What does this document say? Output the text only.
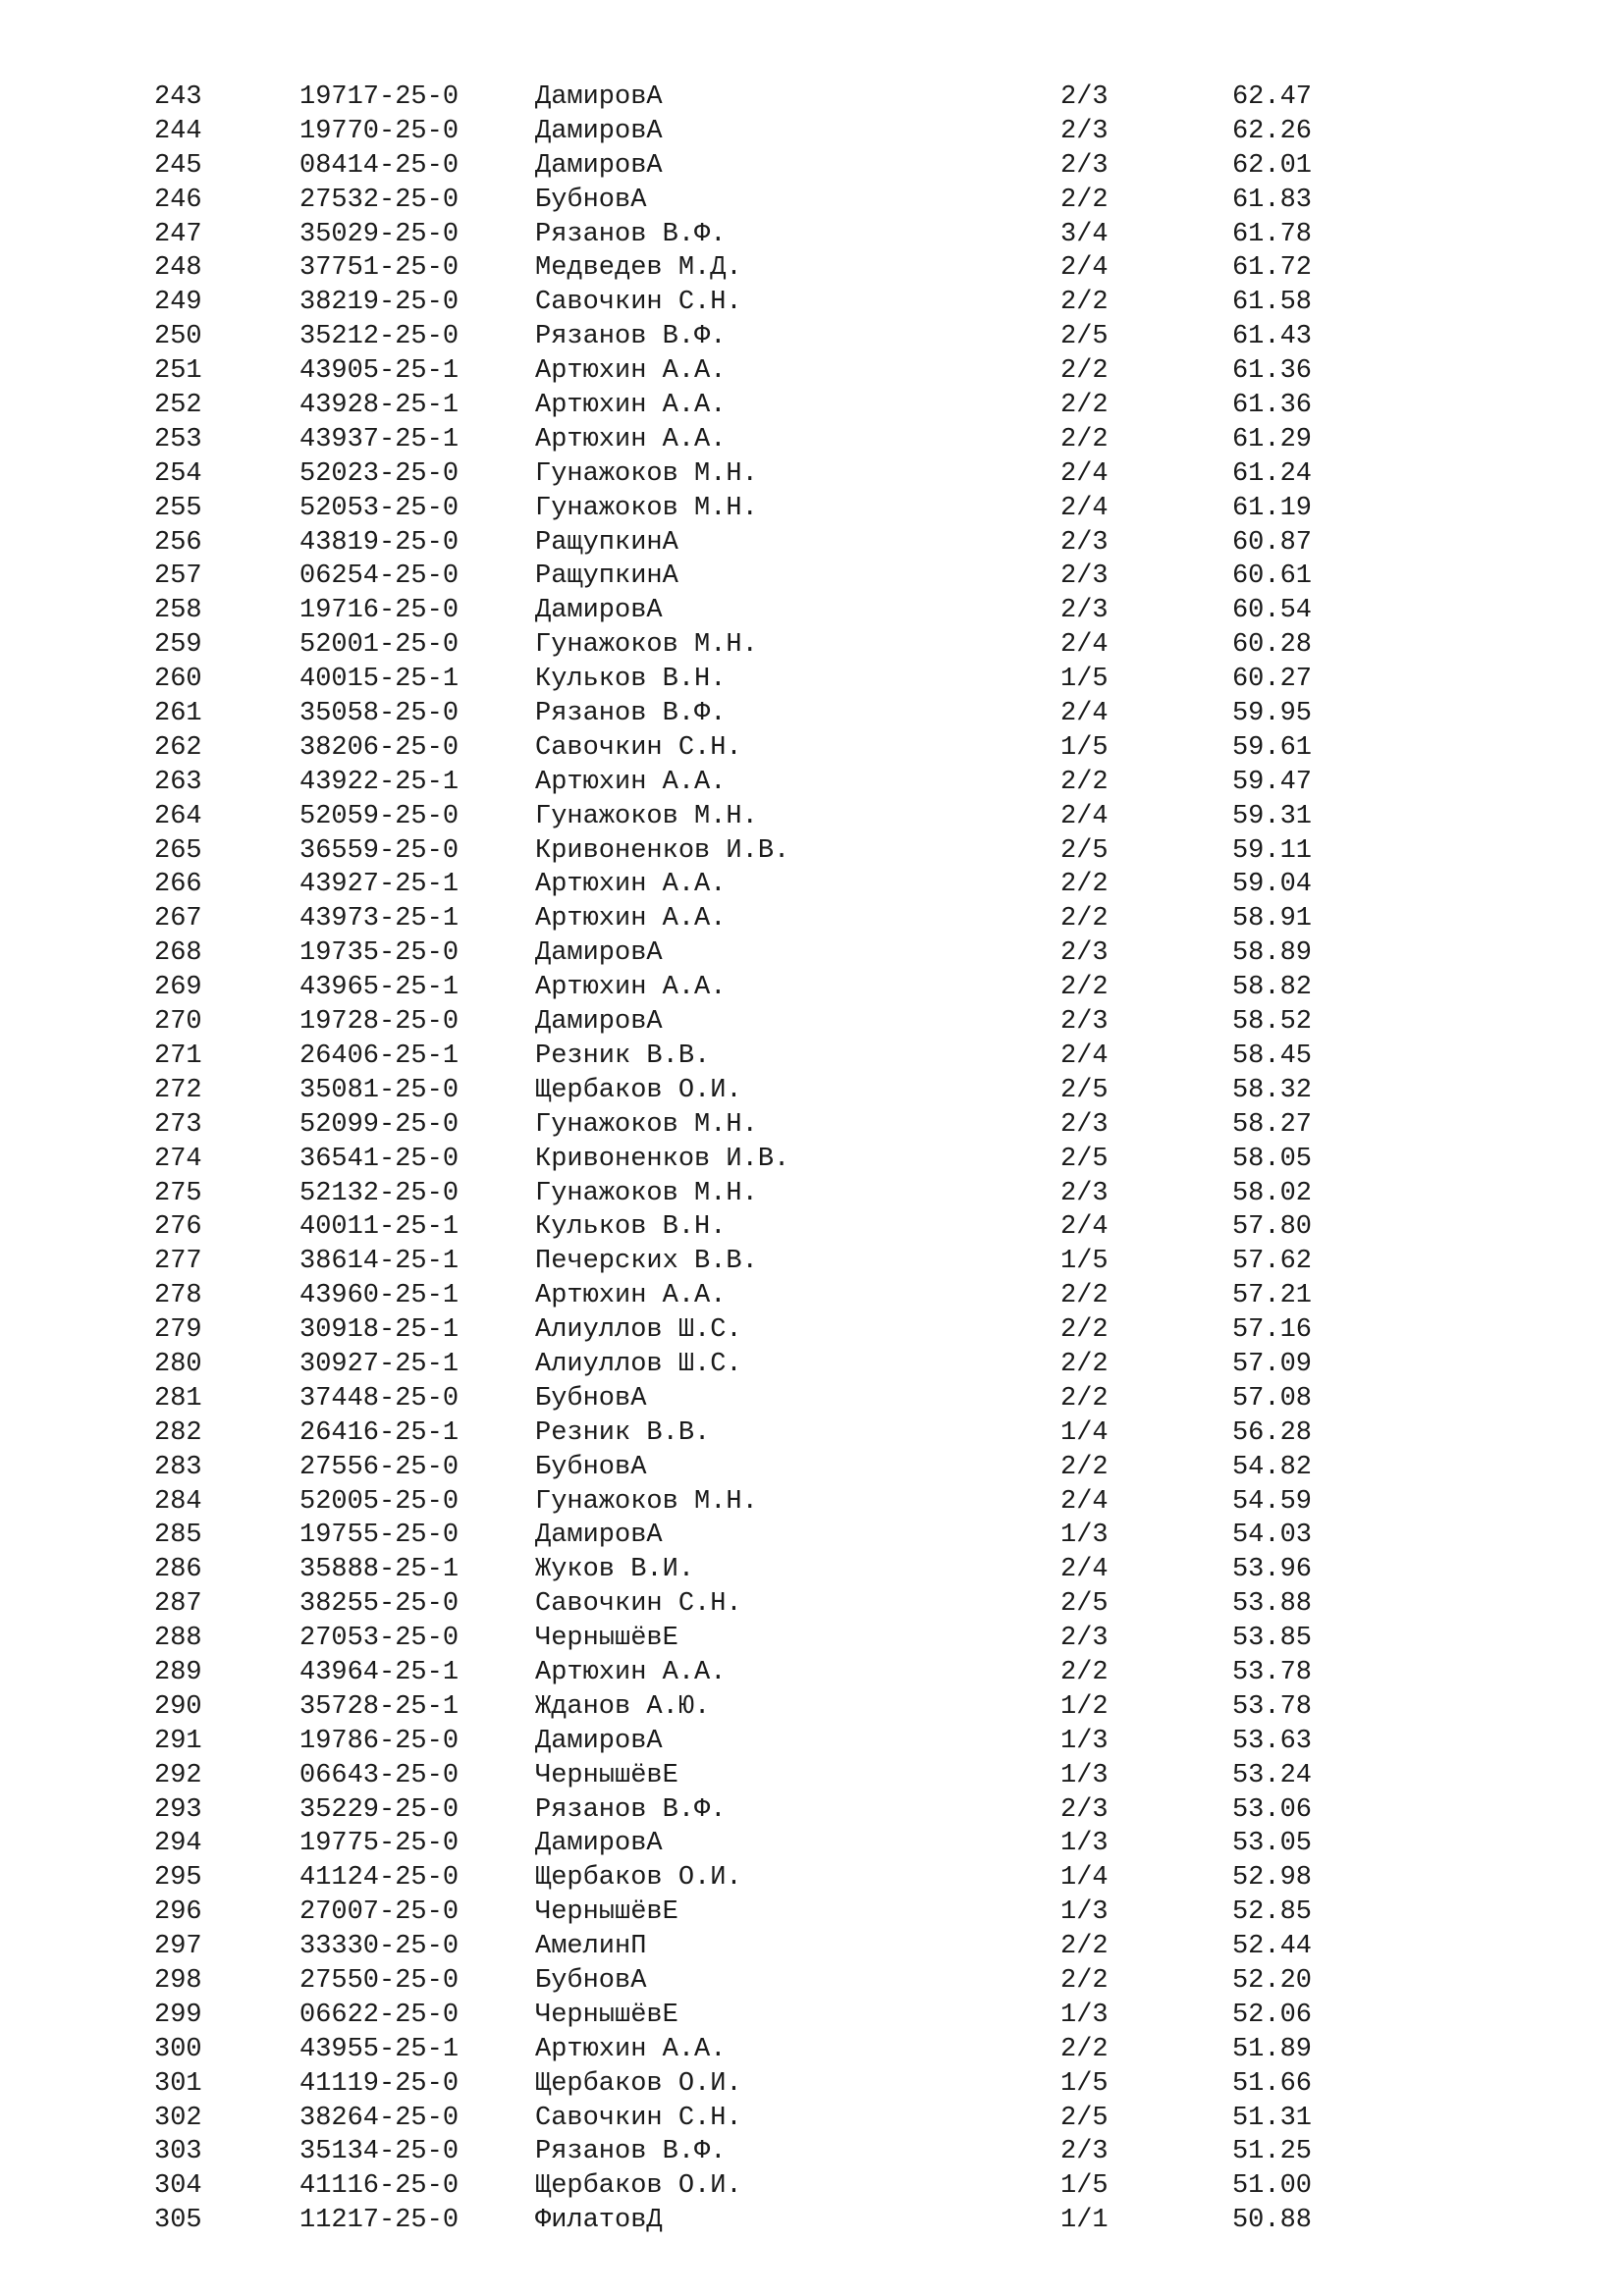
243	19717-25-0	ДамировА	2/3	62.47
244	19770-25-0	ДамировА	2/3	62.26
245	08414-25-0	ДамировА	2/3	62.01
246	27532-25-0	БубновА	2/2	61.83
247	35029-25-0	Рязанов В.Ф.	3/4	61.78
248	37751-25-0	Медведев М.Д.	2/4	61.72
249	38219-25-0	Савочкин С.Н.	2/2	61.58
250	35212-25-0	Рязанов В.Ф.	2/5	61.43
251	43905-25-1	Артюхин А.А.	2/2	61.36
252	43928-25-1	Артюхин А.А.	2/2	61.36
253	43937-25-1	Артюхин А.А.	2/2	61.29
254	52023-25-0	Гунажоков М.Н.	2/4	61.24
255	52053-25-0	Гунажоков М.Н.	2/4	61.19
256	43819-25-0	РащупкинА	2/3	60.87
257	06254-25-0	РащупкинА	2/3	60.61
258	19716-25-0	ДамировА	2/3	60.54
259	52001-25-0	Гунажоков М.Н.	2/4	60.28
260	40015-25-1	Кульков В.Н.	1/5	60.27
261	35058-25-0	Рязанов В.Ф.	2/4	59.95
262	38206-25-0	Савочкин С.Н.	1/5	59.61
263	43922-25-1	Артюхин А.А.	2/2	59.47
264	52059-25-0	Гунажоков М.Н.	2/4	59.31
265	36559-25-0	Кривоненков И.В.	2/5	59.11
266	43927-25-1	Артюхин А.А.	2/2	59.04
267	43973-25-1	Артюхин А.А.	2/2	58.91
268	19735-25-0	ДамировА	2/3	58.89
269	43965-25-1	Артюхин А.А.	2/2	58.82
270	19728-25-0	ДамировА	2/3	58.52
271	26406-25-1	Резник В.В.	2/4	58.45
272	35081-25-0	Щербаков О.И.	2/5	58.32
273	52099-25-0	Гунажоков М.Н.	2/3	58.27
274	36541-25-0	Кривоненков И.В.	2/5	58.05
275	52132-25-0	Гунажоков М.Н.	2/3	58.02
276	40011-25-1	Кульков В.Н.	2/4	57.80
277	38614-25-1	Печерских В.В.	1/5	57.62
278	43960-25-1	Артюхин А.А.	2/2	57.21
279	30918-25-1	Алиуллов Ш.С.	2/2	57.16
280	30927-25-1	Алиуллов Ш.С.	2/2	57.09
281	37448-25-0	БубновА	2/2	57.08
282	26416-25-1	Резник В.В.	1/4	56.28
283	27556-25-0	БубновА	2/2	54.82
284	52005-25-0	Гунажоков М.Н.	2/4	54.59
285	19755-25-0	ДамировА	1/3	54.03
286	35888-25-1	Жуков В.И.	2/4	53.96
287	38255-25-0	Савочкин С.Н.	2/5	53.88
288	27053-25-0	ЧернышёвЕ	2/3	53.85
289	43964-25-1	Артюхин А.А.	2/2	53.78
290	35728-25-1	Жданов А.Ю.	1/2	53.78
291	19786-25-0	ДамировА	1/3	53.63
292	06643-25-0	ЧернышёвЕ	1/3	53.24
293	35229-25-0	Рязанов В.Ф.	2/3	53.06
294	19775-25-0	ДамировА	1/3	53.05
295	41124-25-0	Щербаков О.И.	1/4	52.98
296	27007-25-0	ЧернышёвЕ	1/3	52.85
297	33330-25-0	АмелинП	2/2	52.44
298	27550-25-0	БубновА	2/2	52.20
299	06622-25-0	ЧернышёвЕ	1/3	52.06
300	43955-25-1	Артюхин А.А.	2/2	51.89
301	41119-25-0	Щербаков О.И.	1/5	51.66
302	38264-25-0	Савочкин С.Н.	2/5	51.31
303	35134-25-0	Рязанов В.Ф.	2/3	51.25
304	41116-25-0	Щербаков О.И.	1/5	51.00
305	11217-25-0	ФилатовД	1/1	50.88
